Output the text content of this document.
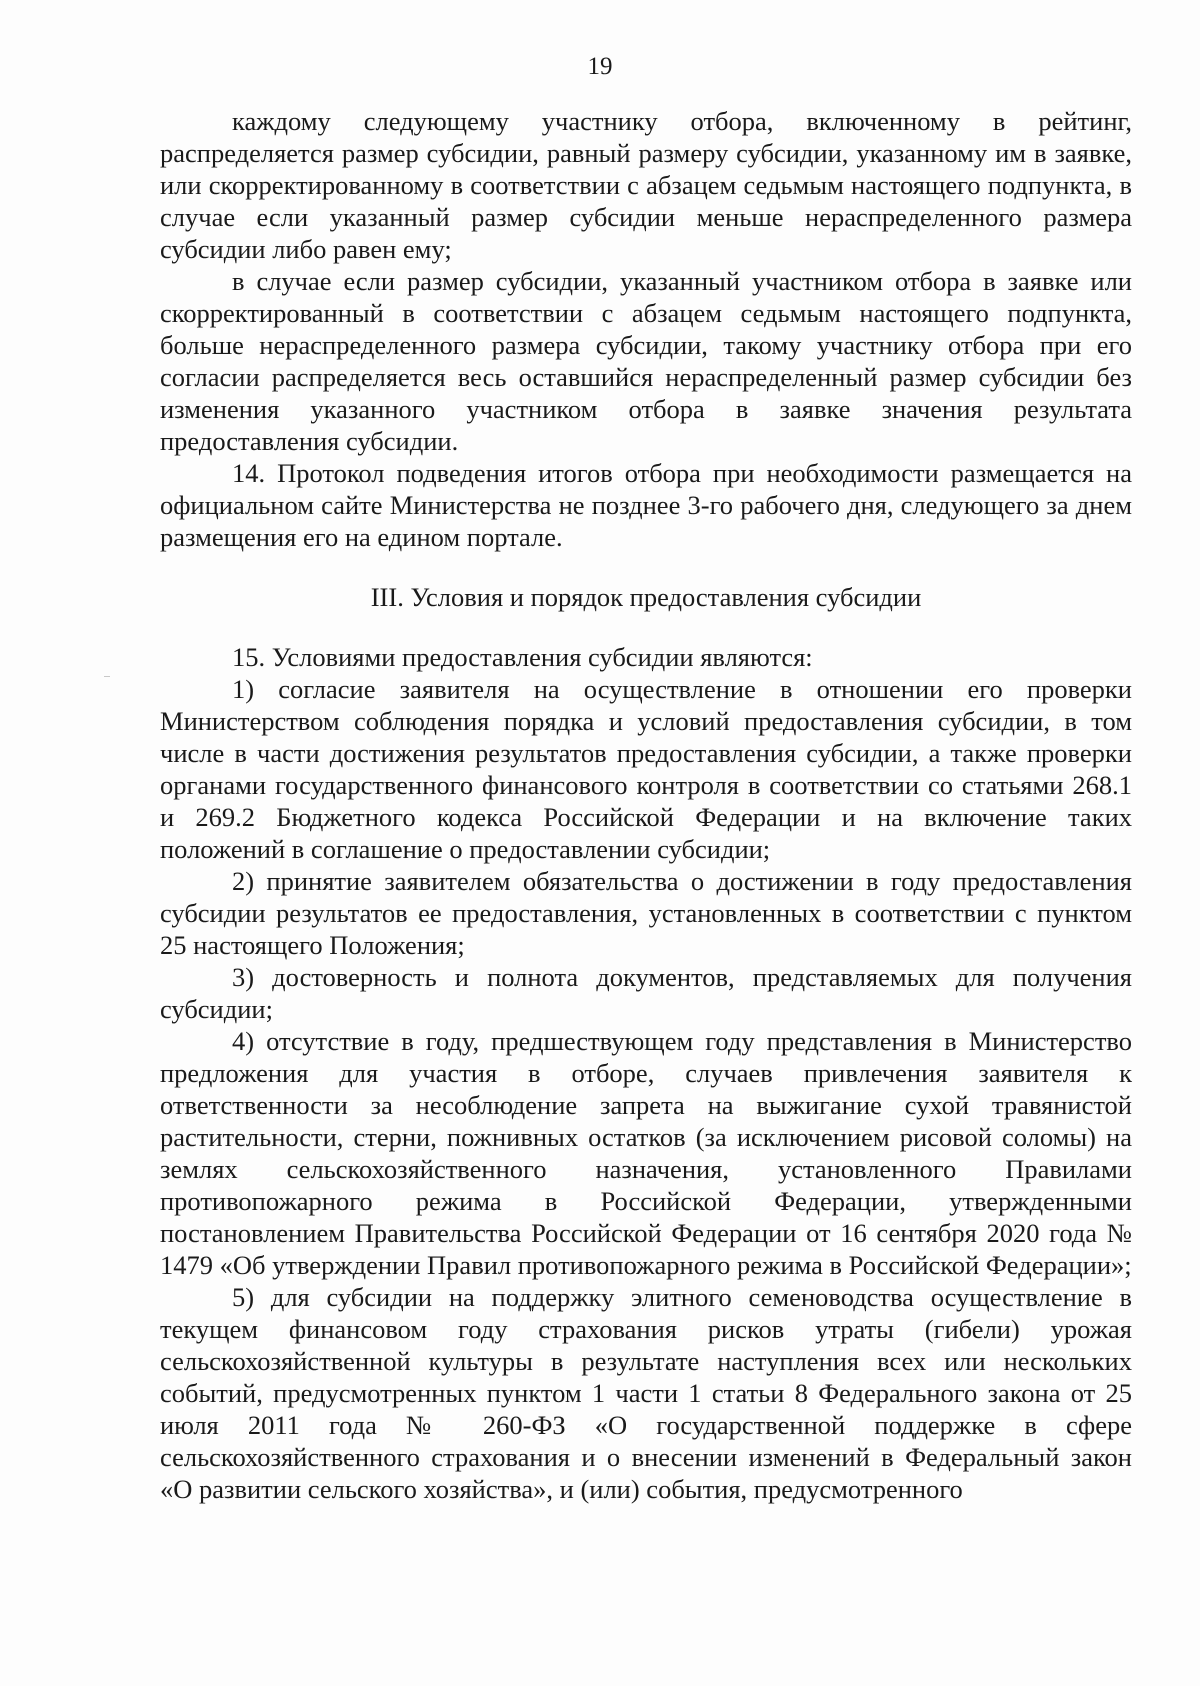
19

каждому следующему участнику отбора, включенному в рейтинг, распределяется размер субсидии, равный размеру субсидии, указанному им в заявке, или скорректированному в соответствии с абзацем седьмым настоящего подпункта, в случае если указанный размер субсидии меньше нераспределенного размера субсидии либо равен ему;

в случае если размер субсидии, указанный участником отбора в заявке или скорректированный в соответствии с абзацем седьмым настоящего подпункта, больше нераспределенного размера субсидии, такому участнику отбора при его согласии распределяется весь оставшийся нераспределенный размер субсидии без изменения указанного участником отбора в заявке значения результата предоставления субсидии.

14. Протокол подведения итогов отбора при необходимости размещается на официальном сайте Министерства не позднее 3-го рабочего дня, следующего за днем размещения его на едином портале.

III. Условия и порядок предоставления субсидии

15. Условиями предоставления субсидии являются:

1) согласие заявителя на осуществление в отношении его проверки Министерством соблюдения порядка и условий предоставления субсидии, в том числе в части достижения результатов предоставления субсидии, а также проверки органами государственного финансового контроля в соответствии со статьями 268.1 и 269.2 Бюджетного кодекса Российской Федерации и на включение таких положений в соглашение о предоставлении субсидии;

2) принятие заявителем обязательства о достижении в году предоставления субсидии результатов ее предоставления, установленных в соответствии с пунктом 25 настоящего Положения;

3) достоверность и полнота документов, представляемых для получения субсидии;

4) отсутствие в году, предшествующем году представления в Министерство предложения для участия в отборе, случаев привлечения заявителя к ответственности за несоблюдение запрета на выжигание сухой травянистой растительности, стерни, пожнивных остатков (за исключением рисовой соломы) на землях сельскохозяйственного назначения, установленного Правилами противопожарного режима в Российской Федерации, утвержденными постановлением Правительства Российской Федерации от 16 сентября 2020 года № 1479 «Об утверждении Правил противопожарного режима в Российской Федерации»;

5) для субсидии на поддержку элитного семеноводства осуществление в текущем финансовом году страхования рисков утраты (гибели) урожая сельскохозяйственной культуры в результате наступления всех или нескольких событий, предусмотренных пунктом 1 части 1 статьи 8 Федерального закона от 25 июля 2011 года № 260-ФЗ «О государственной поддержке в сфере сельскохозяйственного страхования и о внесении изменений в Федеральный закон «О развитии сельского хозяйства», и (или) события, предусмотренного
